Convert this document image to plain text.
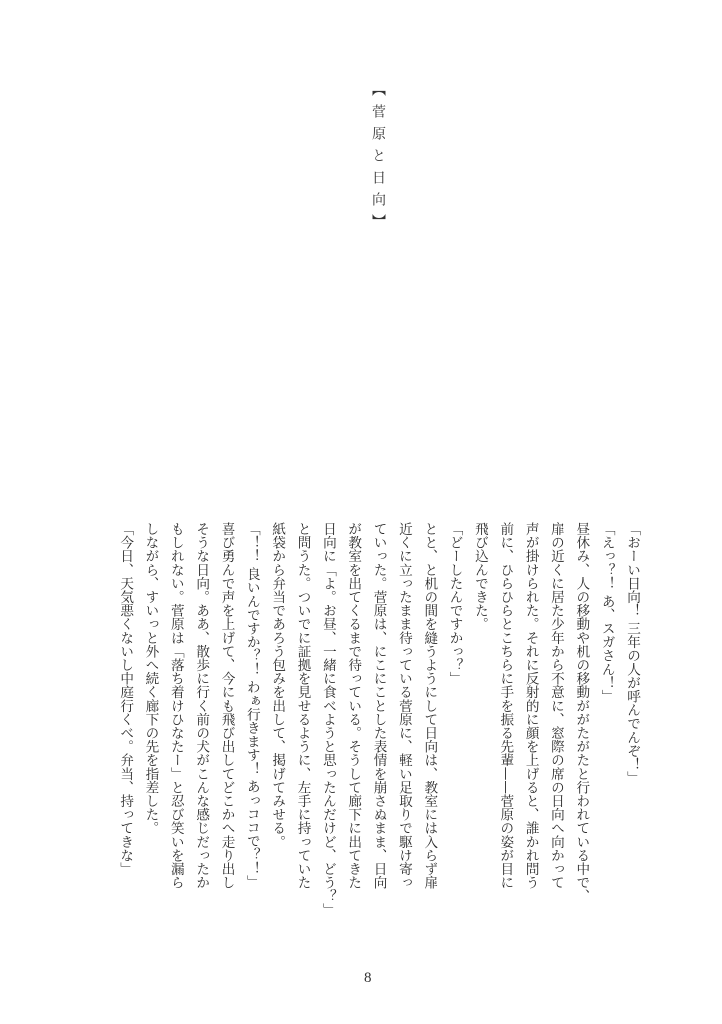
【菅原と日向】
「おーい日向！ 三年の人が呼んでんぞ！」
「えっ？！ あ、スガさん！」
昼休み、人の移動や机の移動ががたがたと行われている中で、
扉の近くに居た少年から不意に、窓際の席の日向へ向かって
声が掛けられた。それに反射的に顔を上げると、誰かれ問う
前に、ひらひらとこちらに手を振る先輩——菅原の姿が目に
飛び込んできた。
「どーしたんですかっ？」
とと、と机の間を縫うようにして日向は、教室には入らず扉
近くに立ったまま待っている菅原に、軽い足取りで駆け寄っ
ていった。菅原は、にこにことした表情を崩さぬまま、日向
が教室を出てくるまで待っている。そうして廊下に出てきた
日向に「よ。お昼、一緒に食べようと思ったんだけど、どう？」
と問うた。ついでに証拠を見せるように、左手に持っていた
紙袋から弁当であろう包みを出して、掲げてみせる。
「！！ 良いんですか？！ わぁ行きます！ あっココで？！」
喜び勇んで声を上げて、今にも飛び出してどこかへ走り出し
そうな日向。ああ、散歩に行く前の犬がこんな感じだったか
もしれない。菅原は「落ち着けひなたー」と忍び笑いを漏ら
しながら、すいっと外へ続く廊下の先を指差した。
「今日、天気悪くないし中庭行くべ。弁当、持ってきな」
8
